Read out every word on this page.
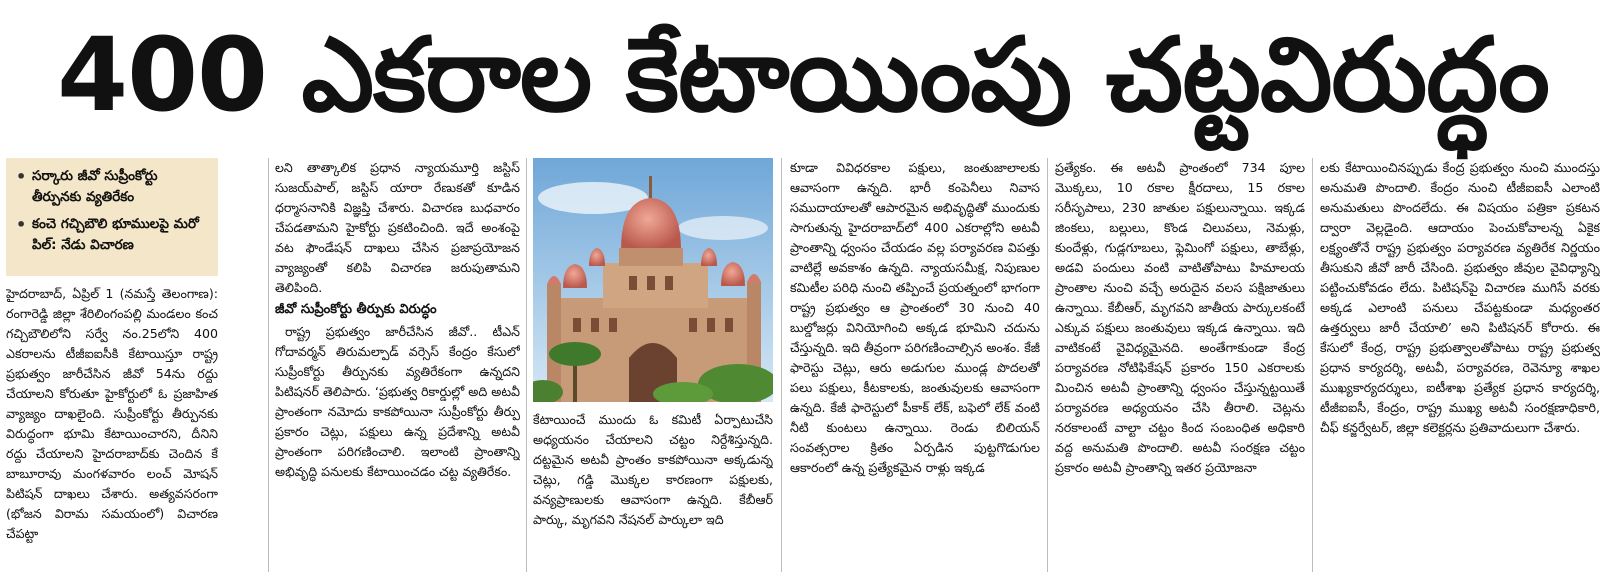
400 ఎకరాల కేటాయింపు చట్టవిరుద్ధం
• సర్కారు జీవో సుప్రీంకోర్టు తీర్పునకు వ్యతిరేకం
• కంచె గచ్చిబౌలి భూములపై మరో పిల్‌: నేడు విచారణ

హైదరాబాద్‌, ఏప్రిల్‌ 1 (నమస్తే తెలంగాణ): రంగారెడ్డి జిల్లా శేరిలింగంపల్లి మండలం కంచ గచ్చిబౌలిలోని సర్వే నం.25లోని 400 ఎకరాలను టీజీఐఐసీకి కేటాయిస్తూ రాష్ట్ర ప్రభుత్వం జారీచేసిన జీవో 54ను రద్దు చేయాలని కోరుతూ హైకోర్టులో ఓ ప్రజాహిత వ్యాజ్యం దాఖలైంది. సుప్రీంకోర్టు తీర్పునకు విరుద్ధంగా భూమి కేటాయించారని, దీనిని రద్దు చేయాలని హైదరాబాద్‌కు చెందిన కే బాబూరావు మంగళవారం లంచ్‌ మోషన్‌ పిటిషన్‌ దాఖలు చేశారు. అత్యవసరంగా (భోజన విరామ సమయంలో) విచారణ చేపట్టా

లని తాత్కాలిక ప్రధాన న్యాయమూర్తి జస్టిస్‌ సుజయ్‌పాల్‌, జస్టిస్‌ యారా రేణుకతో కూడిన ధర్మాసనానికి విజ్ఞప్తి చేశారు. విచారణ బుధవారం చేపడతామని హైకోర్టు ప్రకటించింది. ఇదే అంశంపై వట ఫౌండేషన్‌ దాఖలు చేసిన ప్రజాప్రయోజన వ్యాజ్యంతో కలిపి విచారణ జరుపుతామని తెలిపింది.

జీవో సుప్రీంకోర్టు తీర్పుకు విరుద్ధం

రాష్ట్ర ప్రభుత్వం జారీచేసిన జీవో.. టీఎన్‌ గోదావర్మన్‌ తిరుమల్పాడ్‌ వర్సెస్‌ కేంద్రం కేసులో సుప్రీంకోర్టు తీర్పునకు వ్యతిరేకంగా ఉన్నదని పిటిషనర్‌ తెలిపారు. ‘ప్రభుత్వ రికార్డుల్లో అది అటవీ ప్రాంతంగా నమోదు కాకపోయినా సుప్రీంకోర్టు తీర్పు ప్రకారం చెట్లు, పక్షులు ఉన్న ప్రదేశాన్ని అటవీ ప్రాంతంగా పరిగణించాలి. ఇలాంటి ప్రాంతాన్ని అభివృద్ధి పనులకు కేటాయించడం చట్ట వ్యతిరేకం.

కేటాయించే ముందు ఓ కమిటీ ఏర్పాటుచేసి అధ్యయనం చేయాలని చట్టం నిర్దేశిస్తున్నది. దట్టమైన అటవీ ప్రాంతం కాకపోయినా అక్కడున్న చెట్లు, గడ్డి మొక్కల కారణంగా పక్షులకు, వన్యప్రాణులకు ఆవాసంగా ఉన్నది. కేబీఆర్‌ పార్కు, మృగవని నేషనల్‌ పార్కులా ఇది

కూడా వివిధరకాల పక్షులు, జంతుజాలాలకు ఆవాసంగా ఉన్నది. భారీ కంపెనీలు నివాస సముదాయాలతో ఆపారమైన అభివృద్ధితో ముందుకు సాగుతున్న హైదరాబాద్‌లో 400 ఎకరాల్లోని అటవీ ప్రాంతాన్ని ధ్వంసం చేయడం వల్ల పర్యావరణ విపత్తు వాటిల్లే అవకాశం ఉన్నది. న్యాయసమీక్ష, నిపుణుల కమిటీల పరిధి నుంచి తప్పించే ప్రయత్నంలో భాగంగా రాష్ట్ర ప్రభుత్వం ఆ ప్రాంతంలో 30 నుంచి 40 బుల్డోజర్లు వినియోగించి అక్కడ భూమిని చదును చేస్తున్నది. ఇది తీవ్రంగా పరిగణించాల్సిన అంశం. కేజీ ఫారెస్టు చెట్లు, ఆరు అడుగుల ముండ్ల పొదలతో పలు పక్షులు, కీటకాలకు, జంతువులకు ఆవాసంగా ఉన్నది. కేజీ ఫారెస్టులో పీకాక్‌ లేక్‌, బఫెలో లేక్‌ వంటి నీటి కుంటలు ఉన్నాయి. రెండు బిలియన్‌ సంవత్సరాల క్రితం ఏర్పడిన పుట్టగొడుగుల ఆకారంలో ఉన్న ప్రత్యేకమైన రాళ్లు ఇక్కడ

ప్రత్యేకం. ఈ అటవీ ప్రాంతంలో 734 పూల మొక్కలు, 10 రకాల క్షీరదాలు, 15 రకాల సరీసృపాలు, 230 జాతుల పక్షులున్నాయి. ఇక్కడ జింకలు, బల్లులు, కొండ చిలువలు, నెమళ్లు, కుందేళ్లు, గుడ్లగూబలు, ఫ్లెమింగో పక్షులు, తాబేళ్లు, అడవి పందులు వంటి వాటితోపాటు హిమాలయ ప్రాంతాల నుంచి వచ్చే అరుదైన వలస పక్షిజాతులు ఉన్నాయి. కేబీఆర్‌, మృగవని జాతీయ పార్కులకంటే ఎక్కువ పక్షులు జంతువులు ఇక్కడ ఉన్నాయి. ఇది వాటికంటే వైవిధ్యమైనది. అంతేగాకుండా కేంద్ర పర్యావరణ నోటిఫికేషన్‌ ప్రకారం 150 ఎకరాలకు మించిన అటవీ ప్రాంతాన్ని ధ్వంసం చేస్తున్నట్టయితే పర్యావరణ అధ్యయనం చేసి తీరాలి. చెట్లను నరకాలంటే వాల్టా చట్టం కింద సంబంధిత అధికారి వద్ద అనుమతి పొందాలి. అటవీ సంరక్షణ చట్టం ప్రకారం అటవీ ప్రాంతాన్ని ఇతర ప్రయోజనా

లకు కేటాయించినప్పుడు కేంద్ర ప్రభుత్వం నుంచి ముందస్తు అనుమతి పొందాలి. కేంద్రం నుంచి టీజీఐఐసీ ఎలాంటి అనుమతులు పొందలేదు. ఈ విషయం పత్రికా ప్రకటన ద్వారా వెల్లడైంది. ఆదాయం పెంచుకోవాలన్న ఏకైక లక్ష్యంతోనే రాష్ట్ర ప్రభుత్వం పర్యావరణ వ్యతిరేక నిర్ణయం తీసుకుని జీవో జారీ చేసింది. ప్రభుత్వం జీవుల వైవిధ్యాన్ని పట్టించుకోవడం లేదు. పిటిషన్‌పై విచారణ ముగిసే వరకు అక్కడ ఎలాంటి పనులు చేపట్టకుండా మధ్యంతర ఉత్తర్వులు జారీ చేయాలి’ అని పిటిషనర్‌ కోరారు. ఈ కేసులో కేంద్ర, రాష్ట్ర ప్రభుత్వాలతోపాటు రాష్ట్ర ప్రభుత్వ ప్రధాన కార్యదర్శి, అటవీ, పర్యావరణ, రెవెన్యూ శాఖల ముఖ్యకార్యదర్శులు, ఐటీశాఖ ప్రత్యేక ప్రధాన కార్యదర్శి, టీజీఐఐసీ, కేంద్రం, రాష్ట్ర ముఖ్య అటవీ సంరక్షణాధికారి, చీఫ్‌ కన్జర్వేటర్‌, జిల్లా కలెక్టర్లను ప్రతివాదులుగా చేశారు.
